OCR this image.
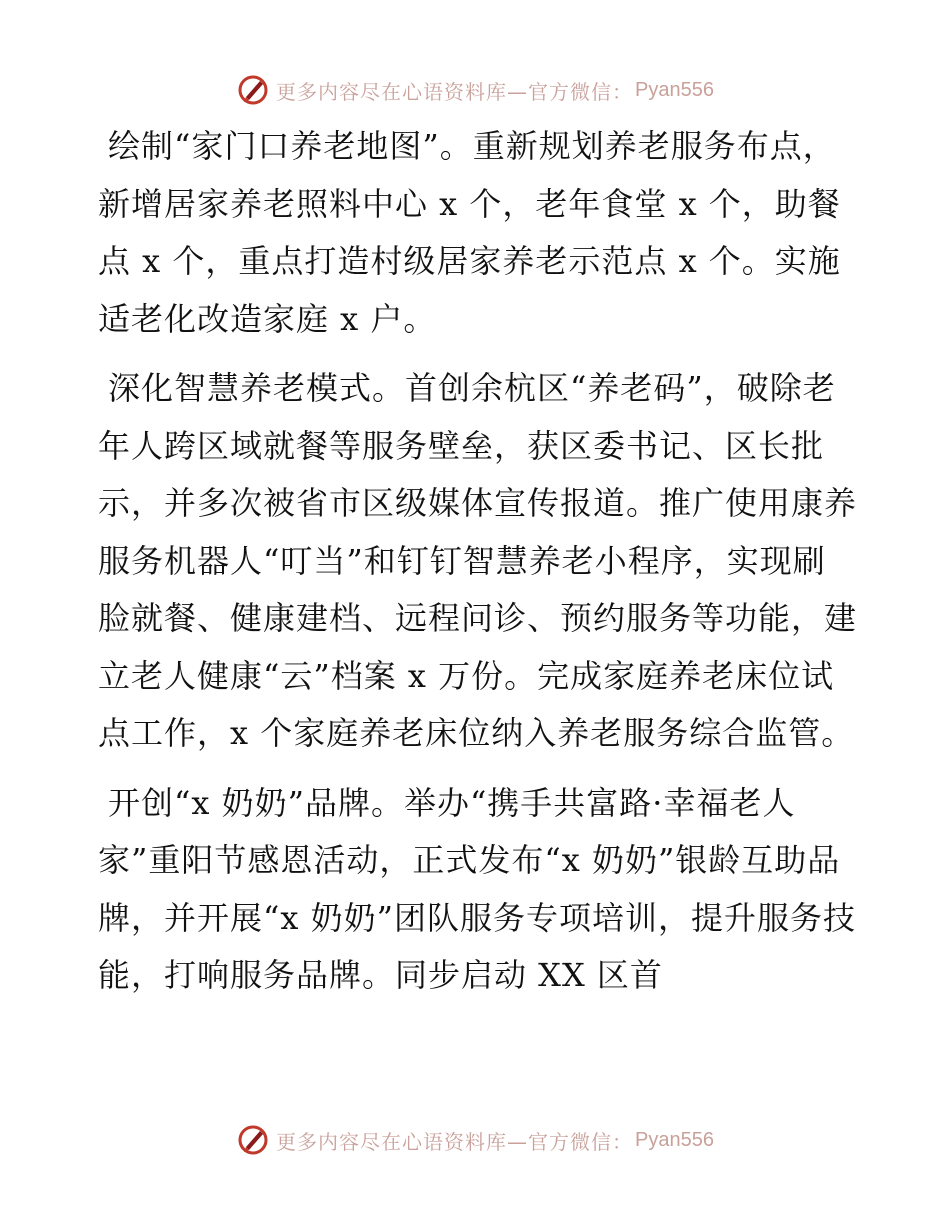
更多内容尽在心语资料库—官方微信： Pyan556

绘制“家门口养老地图”。重新规划养老服务布点，新增居家养老照料中心 x 个，老年食堂 x 个，助餐点 x 个，重点打造村级居家养老示范点 x 个。实施适老化改造家庭 x 户。

深化智慧养老模式。首创余杭区“养老码”，破除老年人跨区域就餐等服务壁垒，获区委书记、区长批示，并多次被省市区级媒体宣传报道。推广使用康养服务机器人“叮当”和钉钉智慧养老小程序，实现刷脸就餐、健康建档、远程问诊、预约服务等功能，建立老人健康“云”档案 x 万份。完成家庭养老床位试点工作，x 个家庭养老床位纳入养老服务综合监管。

开创“x 奶奶”品牌。举办“携手共富路·幸福老人家”重阳节感恩活动，正式发布“x 奶奶”银龄互助品牌，并开展“x 奶奶”团队服务专项培训，提升服务技能，打响服务品牌。同步启动 XX 区首

更多内容尽在心语资料库—官方微信： Pyan556
